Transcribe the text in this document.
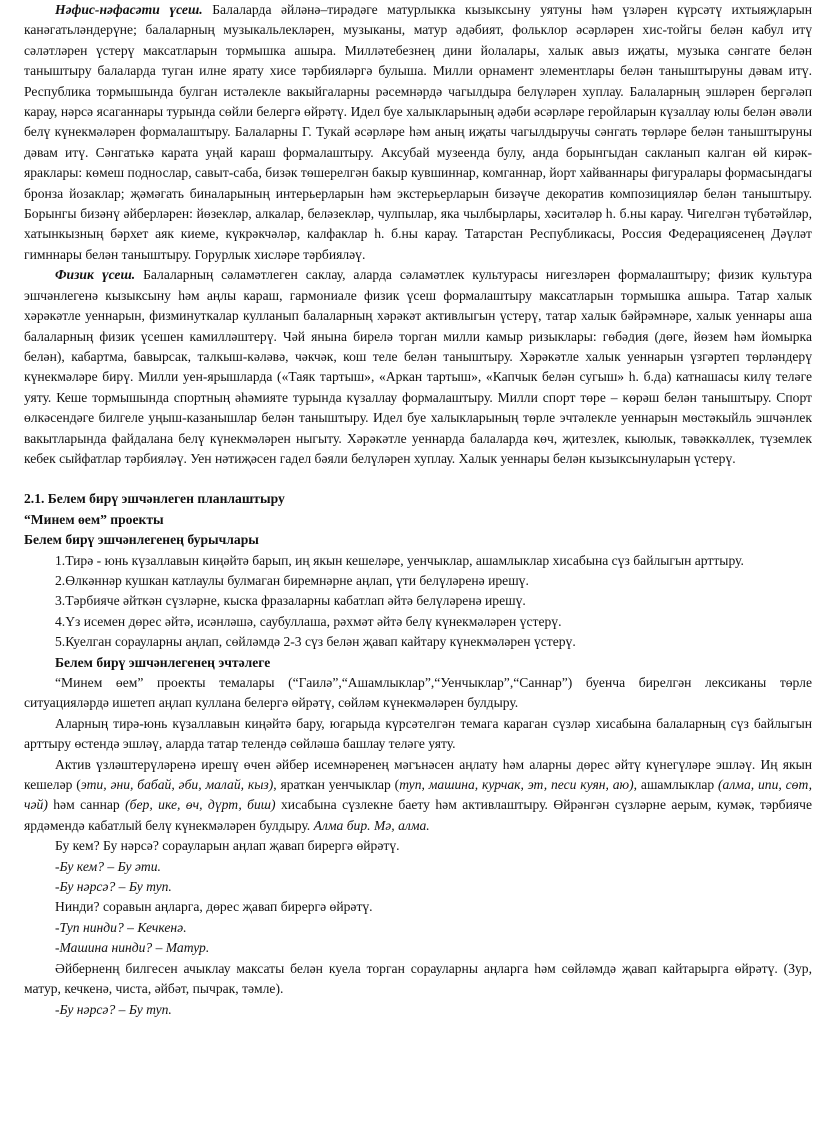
Нәфис-нәфасәти үсеш. Балаларда әйләнә–тирәдәге матурлыкка кызыксыну уятуны һәм үзләрен күрсәтү ихтыяҗларын канәгатьләндерүне; балаларның музыкальлекләрен, музыканы, матур әдәбият, фольклор әсәрләрен хис-тойгы белән кабул итү сәләтләрен үстерү максатларын тормышка ашыра. Милләтебезнең дини йолалары, халык авыз иҗаты, музыка сәнгате белән таныштыру балаларда туган илне ярату хисе тәрбияләргә булыша. Милли орнамент элементлары белән таныштыруны дәвам итү. Республика тормышында булган истәлекле вакыйгаларны рәсемнәрдә чагылдыра белүләрен хуплау. Балаларның эшләрен бергәләп карау, нәрсә ясаганнары турында сөйли белергә өйрәтү. Идел буе халыкларының әдәби әсәрләре геройларын күзаллау юлы белән әвәли белү күнекмәләрен формалаштыру. Балаларны Г. Тукай әсәрләре һәм аның иҗаты чагылдыручы сәнгать төрләре белән таныштыруны дәвам итү. Сәнгатькә карата уңай караш формалаштыру. Аксубай музеенда булу, анда борынгыдан сакланып калган өй кирәк-яраклары: көмеш поднослар, савыт-саба, бизәк төшерелгән бакыр кувшиннар, комганнар, йорт хайваннары фигуралары формасындагы бронза йозаклар; җәмәгать биналарының интерьерларын һәм экстерьерларын бизәүче декоратив композицияләр белән таныштыру. Борынгы бизәнү әйберләрен: йөзекләр, алкалар, беләзекләр, чулпылар, яка чылбырлары, хәситәләр һ. б.ны карау. Чигелгән түбәтәйләр, хатынкызның бәрхет аяк киеме, күкрәкчәләр, калфаклар һ. б.ны карау. Татарстан Республикасы, Россия Федерациясенең Дәүләт гимннары белән таныштыру. Горурлык хисләре тәрбияләү.

Физик үсеш. Балаларның сәламәтлеген саклау, аларда сәламәтлек культурасы нигезләрен формалаштыру; физик культура эшчәнлегенә кызыксыну һәм аңлы караш, гармониале физик үсеш формалаштыру максатларын тормышка ашыра. Татар халык хәрәкәтле уеннарын, физминуткалар кулланып балаларның хәрәкәт активлыгын үстерү, татар халык бәйрәмнәре, халык уеннары аша балаларның физик үсешен камилләштерү. Чәй янына бирелә торган милли камыр ризыклары: гөбәдия (дөге, йөзем һәм йомырка белән), кабартма, бавырсак, талкыш-кәләвә, чәкчәк, кош теле белән таныштыру. Хәрәкәтле халык уеннарын үзгәртеп төрләндерү күнекмәләре бирү. Милли уен-ярышларда («Таяк тартыш», «Аркан тартыш», «Капчык белән сугыш» һ. б.да) катнашасы килү теләге уяту. Кеше тормышында спортның әһәмияте турында күзаллау формалаштыру. Милли спорт төре – көрәш белән таныштыру. Спорт өлкәсендәге билгеле уңыш-казанышлар белән таныштыру. Идел буе халыкларының төрле эчтәлекле уеннарын мөстәкыйль эшчәнлек вакытларында файдалана белү күнекмәләрен ныгыту. Хәрәкәтле уеннарда балаларда көч, җитезлек, кыюлык, тәвәккәллек, түземлек кебек сыйфатлар тәрбияләү. Уен нәтиҗәсен гадел бәяли белүләрен хуплау. Халык уеннары белән кызыксынуларын үстерү.

2.1. Белем бирү эшчәнлеген планлаштыру

“Минем өем” проекты

Белем бирү эшчәнлегенең бурычлары

1.Тирә - юнь күзаллавын киңәйтә барып, иң якын кешеләре, уенчыклар, ашамлыклар хисабына сүз байлыгын арттыру.

2.Өлкәннәр кушкан катлаулы булмаган биремнәрне аңлап, үти белүләренә ирешү.

3.Тәрбияче әйткән сүзләрне, кыска фразаларны кабатлап әйтә белүләренә ирешү.

4.Үз исемен дөрес әйтә, исәнләшә, саубуллаша, рәхмәт әйтә белү күнекмәләрен үстерү.

5.Куелган сорауларны аңлап, сөйләмдә 2-3 сүз белән җавап кайтару күнекмәләрен үстерү.

Белем бирү эшчәнлегенең эчтәлеге

“Минем өем” проекты темалары (“Гаилә”,“Ашамлыклар”,“Уенчыклар”,“Саннар”) буенча бирелгән лексиканы төрле ситуацияләрдә ишетеп аңлап куллана белергә өйрәтү, сөйләм күнекмәләрен булдыру.

Аларның тирә-юнь күзаллавын киңәйтә бару, югарыда күрсәтелгән темага караган сүзләр хисабына балаларның сүз байлыгын арттыру өстендә эшләү, аларда татар телендә сөйләшә башлау теләге уяту.

Актив үзләштерүләренә ирешү өчен әйбер исемнәренең мәгънәсен аңлату һәм аларны дөрес әйтү күнегүләре эшләү. Иң якын кешеләр (эти, әни, бабай, әби, малай, кыз), яраткан уенчыклар (туп, машина, курчак, эт, песи куян, аю), ашамлыклар (алма, ипи, сөт, чәй) һәм саннар (бер, ике, өч, дүрт, биш) хисабына сүзлекне баету һәм активлаштыру. Өйрәнгән сүзләрне аерым, кумәк, тәрбияче ярдәмендә кабатлый белү күнекмәләрен булдыру. Алма бир. Мә, алма.

Бу кем? Бу нәрсә? сорауларын аңлап җавап бирергә өйрәтү.

-Бу кем? – Бу әти.

-Бу нәрсә? – Бу туп.

Нинди? соравын аңларга, дөрес җавап бирергә өйрәтү.

-Туп нинди? – Кечкенә.

-Машина нинди? – Матур.

Әйберненң билгесен ачыклау максаты белән куела торган сорауларны аңларга һәм сөйләмдә җавап кайтарырга өйрәтү. (Зур, матур, кечкенә, чиста, әйбәт, пычрак, тәмле).

-Бу нәрсә? – Бу туп.
